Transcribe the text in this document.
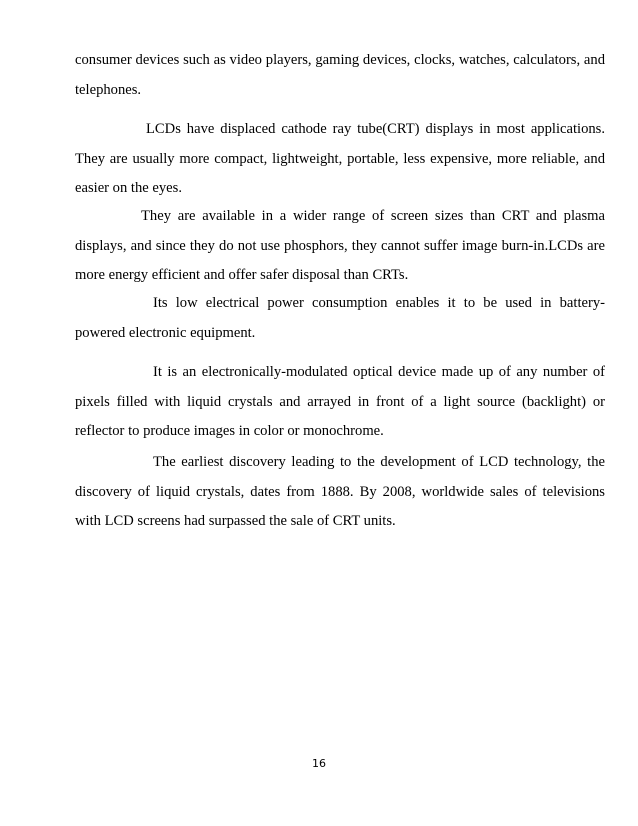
consumer devices such as video players, gaming devices, clocks, watches, calculators, and telephones.

LCDs have displaced cathode ray tube(CRT) displays in most applications. They are usually more compact, lightweight, portable, less expensive, more reliable, and easier on the eyes.

They are available in a wider range of screen sizes than CRT and plasma displays, and since they do not use phosphors, they cannot suffer image burn-in.LCDs are more energy efficient and offer safer disposal than CRTs.

Its low electrical power consumption enables it to be used in battery-powered electronic equipment.

It is an electronically-modulated optical device made up of any number of pixels filled with liquid crystals and arrayed in front of a light source (backlight) or reflector to produce images in color or monochrome.

The earliest discovery leading to the development of LCD technology, the discovery of liquid crystals, dates from 1888. By 2008, worldwide sales of televisions with LCD screens had surpassed the sale of CRT units.

16
